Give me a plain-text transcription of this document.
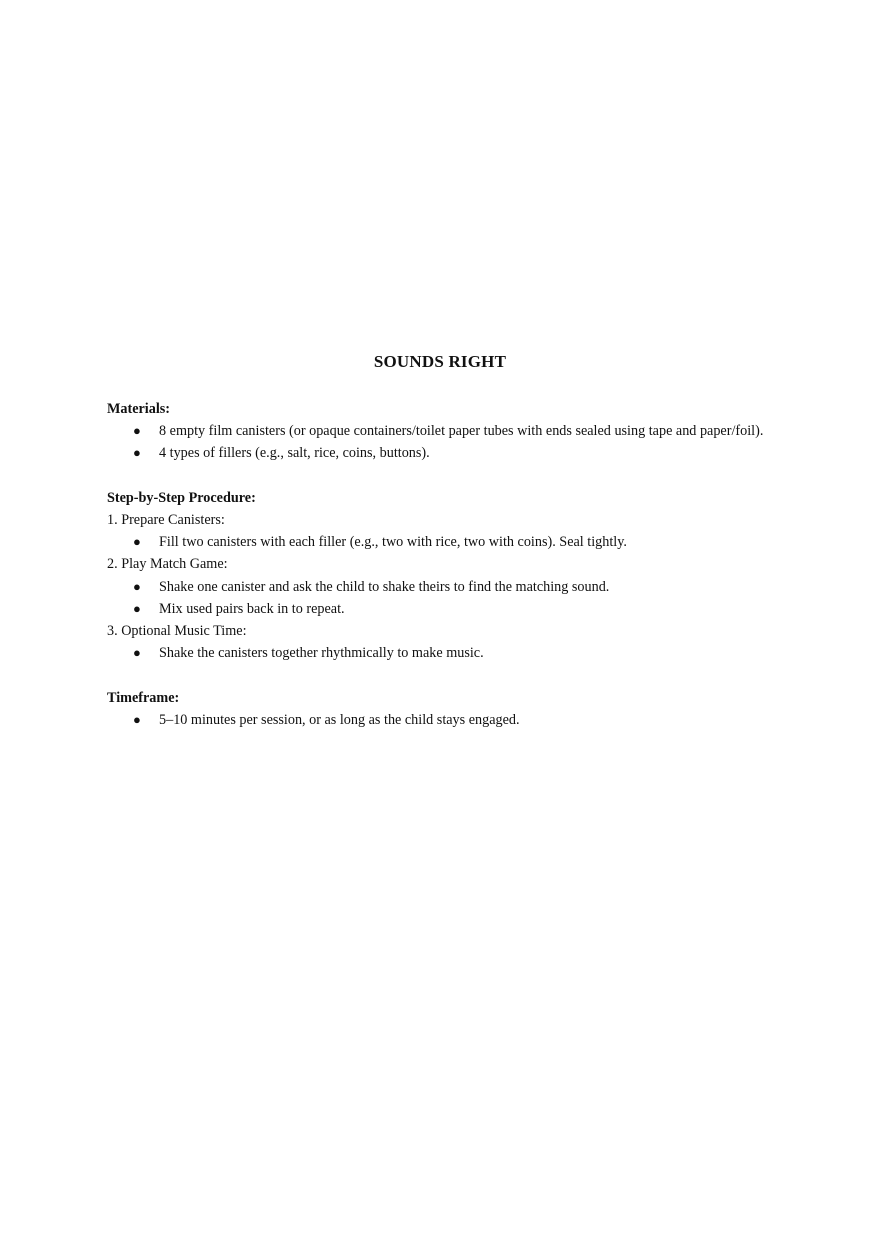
SOUNDS RIGHT

Materials:

● 8 empty film canisters (or opaque containers/toilet paper tubes with ends sealed using tape and paper/foil).
● 4 types of fillers (e.g., salt, rice, coins, buttons).

Step-by-Step Procedure:

1. Prepare Canisters:

● Fill two canisters with each filler (e.g., two with rice, two with coins). Seal tightly.

2. Play Match Game:

● Shake one canister and ask the child to shake theirs to find the matching sound.
● Mix used pairs back in to repeat.

3. Optional Music Time:

● Shake the canisters together rhythmically to make music.

Timeframe:

● 5–10 minutes per session, or as long as the child stays engaged.
